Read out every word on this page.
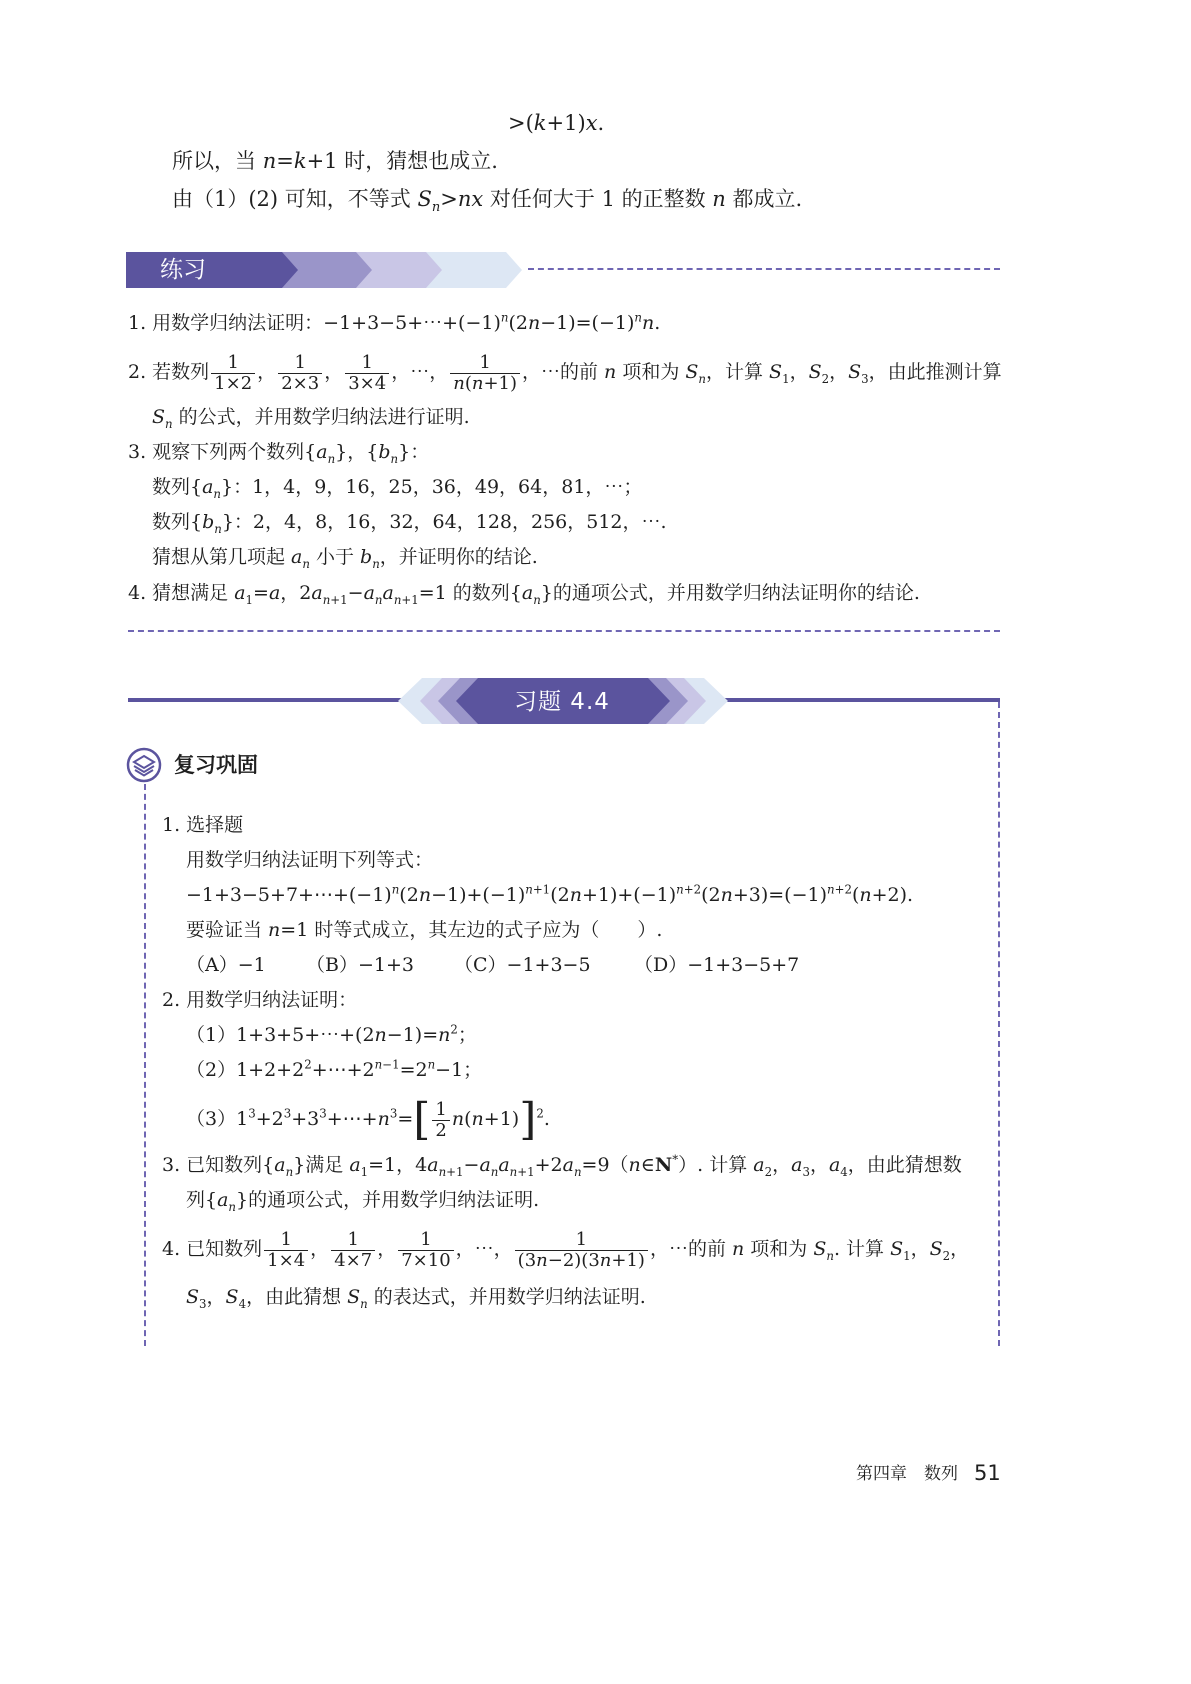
>(k+1)x.
所以，当 n=k+1 时，猜想也成立.
由（1）(2) 可知，不等式 $S_n>nx$ 对任何大于 1 的正整数 n 都成立.
练习
1. 用数学归纳法证明：$-1+3-5+\cdots+(-1)^n(2n-1)=(-1)^nn$.
2. 若数列 $\frac{1}{1\times 2}$ ， $\frac{1}{2\times 3}$ ， $\frac{1}{3\times 4}$ ，⋯， $\frac{1}{n(n+1)}$ ，⋯的前 n 项和为 $S_n$，计算 $S_1$，$S_2$，$S_3$，由此推测计算
$S_n$ 的公式，并用数学归纳法进行证明.
3. 观察下列两个数列$\{a_n\}$，$\{b_n\}$：
数列$\{a_n\}$：1，4，9，16，25，36，49，64，81，⋯；
数列$\{b_n\}$：2，4，8，16，32，64，128，256，512，⋯.
猜想从第几项起 $a_n$ 小于 $b_n$，并证明你的结论.
4. 猜想满足 $a_1=a$，$2a_{n+1}-a_na_{n+1}=1$ 的数列$\{a_n\}$的通项公式，并用数学归纳法证明你的结论.
习题 4.4
复习巩固
1. 选择题
用数学归纳法证明下列等式：
$-1+3-5+7+\cdots+(-1)^n(2n-1)+(-1)^{n+1}(2n+1)+(-1)^{n+2}(2n+3)=(-1)^{n+2}(n+2)$.
要验证当 n=1 时等式成立，其左边的式子应为（　　）.
（A）−1 （B）−1+3 （C）−1+3−5 （D）−1+3−5+7
2. 用数学归纳法证明：
$(1)1+3+5+\cdots+(2n-1)=n^2$；
$(2)1+2+2^2+\cdots+2^{n-1}=2^n-1$；
$(3)1^3+2^3+3^3+\cdots+n^3=[ \frac{1}{2} n(n+1)]^2$.
3. 已知数列$\{a_n\}$满足 $a_1=1$，$4a_{n+1}-a_na_{n+1}+2a_n=9(n\in N^*)$. 计算 $a_2$，$a_3$，$a_4$，由此猜想数
列$\{a_n\}$的通项公式，并用数学归纳法证明.
4. 已知数列 $\frac{1}{1\times 4}$ ， $\frac{1}{4\times 7}$ ， $\frac{1}{7\times 10}$ ，⋯， $\frac{1}{(3n-2)(3n+1)}$ ，⋯的前 n 项和为 $S_n$. 计算 $S_1$，$S_2$，
$S_3$，$S_4$，由此猜想 $S_n$ 的表达式，并用数学归纳法证明.
第四章　数列 51
